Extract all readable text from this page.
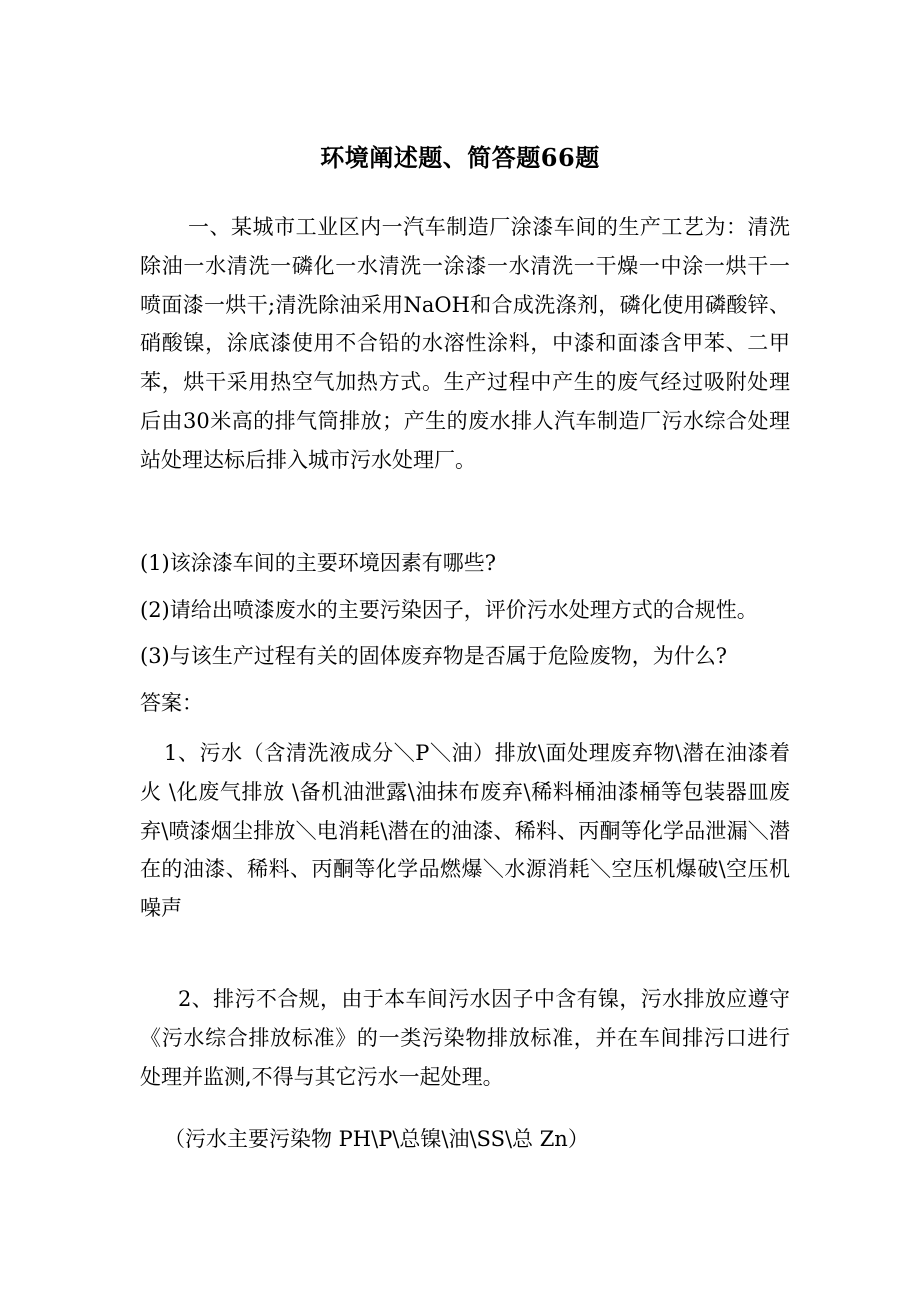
环境阐述题、简答题66题
一、某城市工业区内一汽车制造厂涂漆车间的生产工艺为：清洗除油一水清洗一磷化一水清洗一涂漆一水清洗一干燥一中涂一烘干一喷面漆一烘干;清洗除油采用NaOH和合成洗涤剂，磷化使用磷酸锌、硝酸镍，涂底漆使用不合铅的水溶性涂料，中漆和面漆含甲苯、二甲苯，烘干采用热空气加热方式。生产过程中产生的废气经过吸附处理后由30米高的排气筒排放；产生的废水排人汽车制造厂污水综合处理站处理达标后排入城市污水处理厂。
(1)该涂漆车间的主要环境因素有哪些?
(2)请给出喷漆废水的主要污染因子，评价污水处理方式的合规性。
(3)与该生产过程有关的固体废弃物是否属于危险废物，为什么?
答案：
1、污水（含清洗液成分＼P＼油）排放\面处理废弃物\潜在油漆着火 \化废气排放 \备机油泄露\油抹布废弃\稀料桶油漆桶等包装器皿废弃\喷漆烟尘排放＼电消耗\潜在的油漆、稀料、丙酮等化学品泄漏＼潜在的油漆、稀料、丙酮等化学品燃爆＼水源消耗＼空压机爆破\空压机噪声
2、排污不合规，由于本车间污水因子中含有镍，污水排放应遵守《污水综合排放标准》的一类污染物排放标准，并在车间排污口进行处理并监测,不得与其它污水一起处理。
（污水主要污染物 PH\P\总镍\油\SS\总 Zn）
